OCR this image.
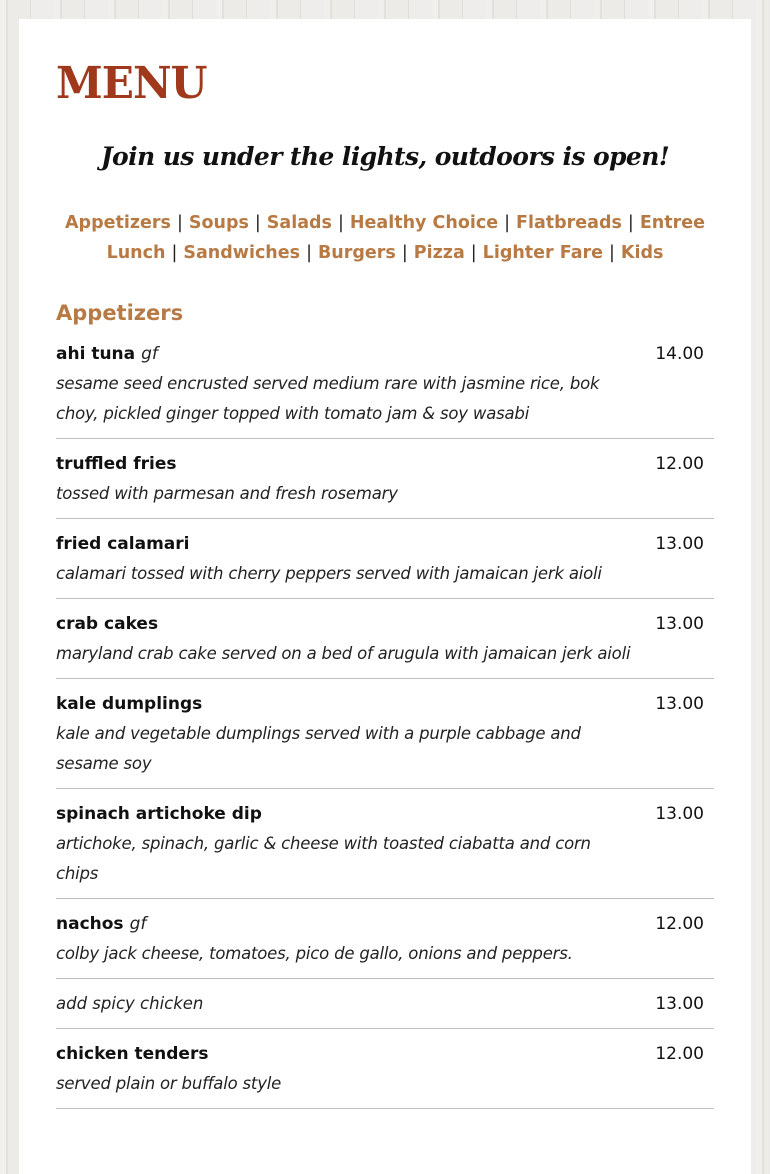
MENU
Join us under the lights, outdoors is open!
Appetizers | Soups | Salads | Healthy Choice | Flatbreads | Entree
Lunch | Sandwiches | Burgers | Pizza | Lighter Fare | Kids
Appetizers
ahi tuna gf	14.00
sesame seed encrusted served medium rare with jasmine rice, bok choy, pickled ginger topped with tomato jam & soy wasabi
truffled fries	12.00
tossed with parmesan and fresh rosemary
fried calamari	13.00
calamari tossed with cherry peppers served with jamaican jerk aioli
crab cakes	13.00
maryland crab cake served on a bed of arugula with jamaican jerk aioli
kale dumplings	13.00
kale and vegetable dumplings served with a purple cabbage and sesame soy
spinach artichoke dip	13.00
artichoke, spinach, garlic & cheese with toasted ciabatta and corn chips
nachos gf	12.00
colby jack cheese, tomatoes, pico de gallo, onions and peppers.
add spicy chicken	13.00
chicken tenders	12.00
served plain or buffalo style
